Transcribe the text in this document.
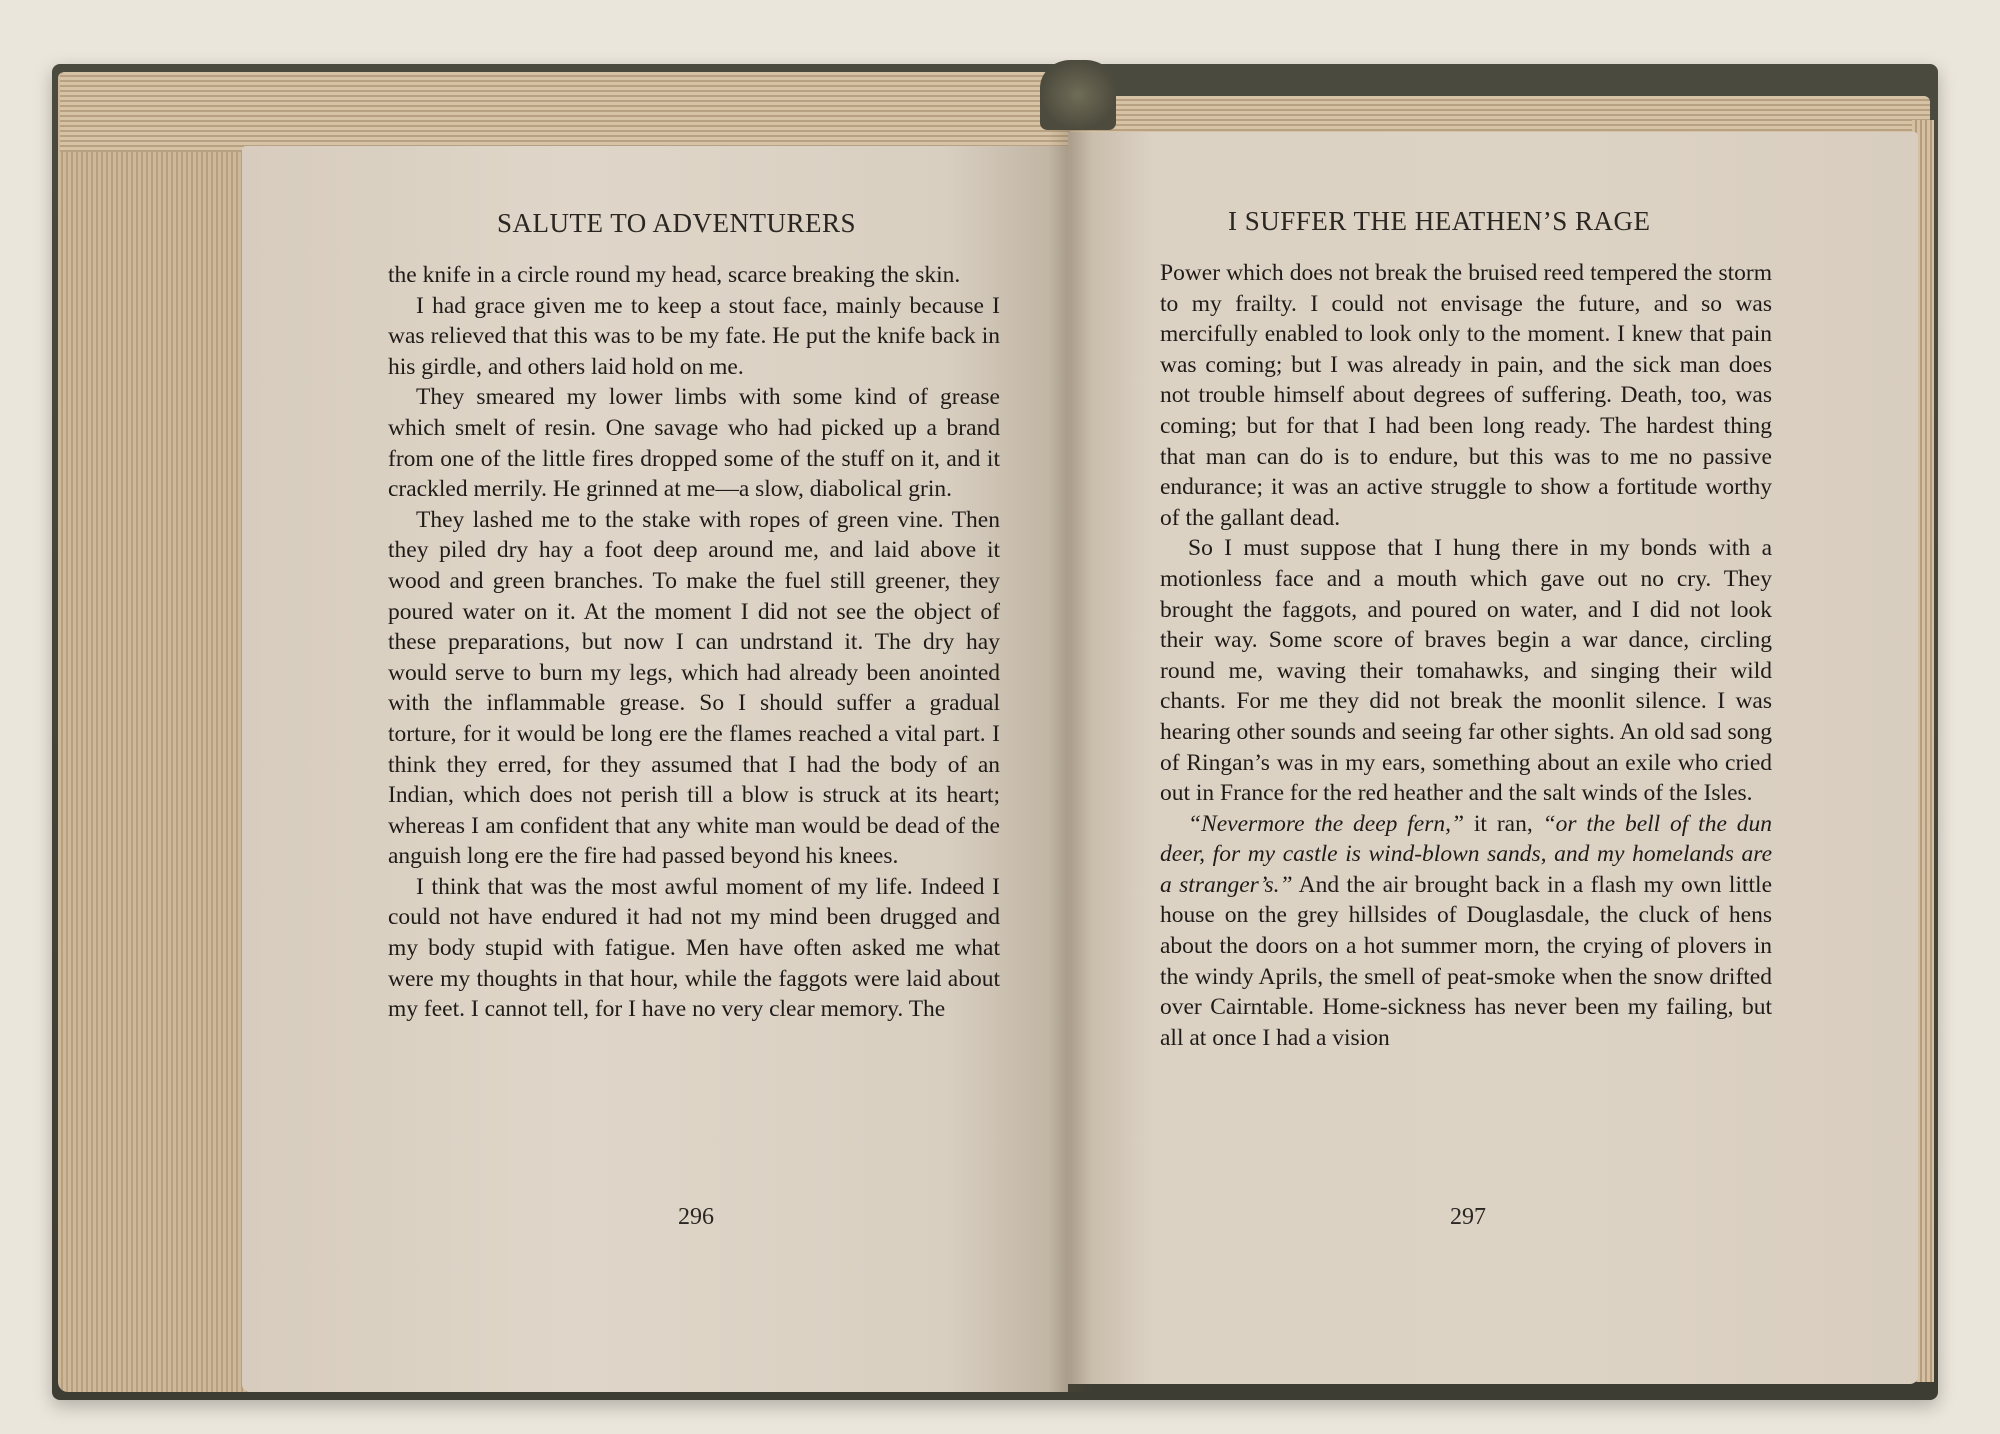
SALUTE TO ADVENTURERS

the knife in a circle round my head, scarce breaking the skin.

I had grace given me to keep a stout face, mainly because I was relieved that this was to be my fate. He put the knife back in his girdle, and others laid hold on me.

They smeared my lower limbs with some kind of grease which smelt of resin. One savage who had picked up a brand from one of the little fires dropped some of the stuff on it, and it crackled merrily. He grinned at me—a slow, diabolical grin.

They lashed me to the stake with ropes of green vine. Then they piled dry hay a foot deep around me, and laid above it wood and green branches. To make the fuel still greener, they poured water on it. At the moment I did not see the object of these preparations, but now I can undrstand it. The dry hay would serve to burn my legs, which had already been anointed with the inflammable grease. So I should suffer a gradual torture, for it would be long ere the flames reached a vital part. I think they erred, for they assumed that I had the body of an Indian, which does not perish till a blow is struck at its heart; whereas I am confident that any white man would be dead of the anguish long ere the fire had passed beyond his knees.

I think that was the most awful moment of my life. Indeed I could not have endured it had not my mind been drugged and my body stupid with fatigue. Men have often asked me what were my thoughts in that hour, while the faggots were laid about my feet. I cannot tell, for I have no very clear memory. The

296
I SUFFER THE HEATHEN’S RAGE

Power which does not break the bruised reed tempered the storm to my frailty. I could not envisage the future, and so was mercifully enabled to look only to the moment. I knew that pain was coming; but I was already in pain, and the sick man does not trouble himself about degrees of suffering. Death, too, was coming; but for that I had been long ready. The hardest thing that man can do is to endure, but this was to me no passive endurance; it was an active struggle to show a fortitude worthy of the gallant dead.

So I must suppose that I hung there in my bonds with a motionless face and a mouth which gave out no cry. They brought the faggots, and poured on water, and I did not look their way. Some score of braves begin a war dance, circling round me, waving their tomahawks, and singing their wild chants. For me they did not break the moonlit silence. I was hearing other sounds and seeing far other sights. An old sad song of Ringan’s was in my ears, something about an exile who cried out in France for the red heather and the salt winds of the Isles.

“Nevermore the deep fern,” it ran, “or the bell of the dun deer, for my castle is wind-blown sands, and my homelands are a stranger’s.” And the air brought back in a flash my own little house on the grey hillsides of Douglasdale, the cluck of hens about the doors on a hot summer morn, the crying of plovers in the windy Aprils, the smell of peat-smoke when the snow drifted over Cairntable. Home-sickness has never been my failing, but all at once I had a vision

297
